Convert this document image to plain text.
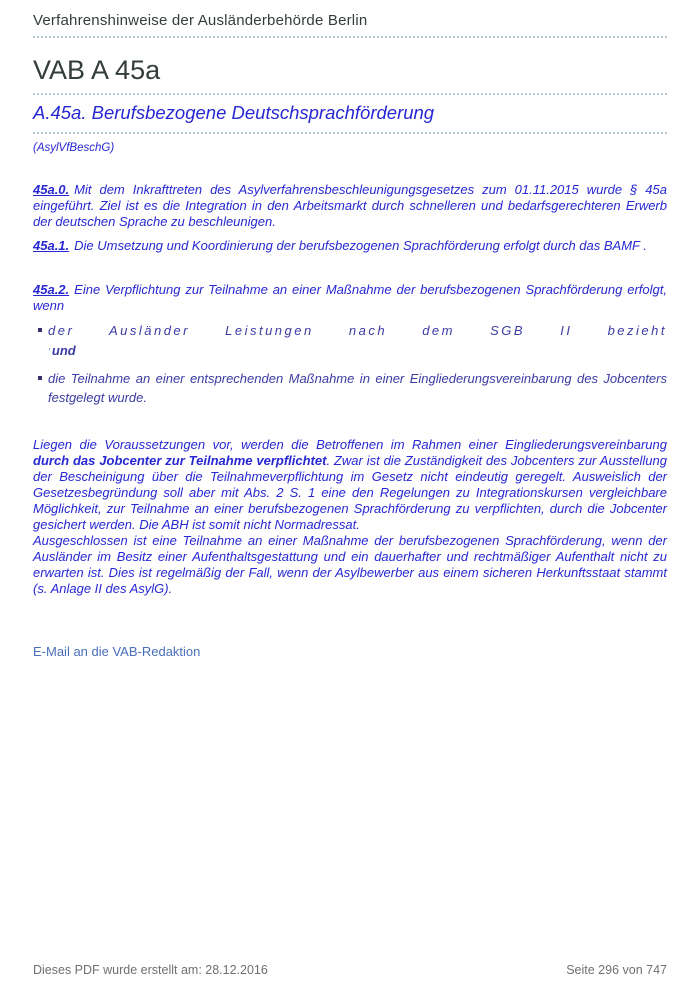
Verfahrenshinweise der Ausländerbehörde Berlin
VAB A 45a
A.45a. Berufsbezogene Deutschsprachförderung
(AsylVfBeschG)
45a.0. Mit dem Inkrafttreten des Asylverfahrensbeschleunigungsgesetzes zum 01.11.2015 wurde § 45a eingeführt. Ziel ist es die Integration in den Arbeitsmarkt durch schnelleren und bedarfsgerechteren Erwerb der deutschen Sprache zu beschleunigen.
45a.1. Die Umsetzung und Koordinierung der berufsbezogenen Sprachförderung erfolgt durch das BAMF .
45a.2. Eine Verpflichtung zur Teilnahme an einer Maßnahme der berufsbezogenen Sprachförderung erfolgt, wenn
der Ausländer Leistungen nach dem SGB II bezieht
' und
die Teilnahme an einer entsprechenden Maßnahme in einer Eingliederungsvereinbarung des Jobcenters festgelegt wurde.
Liegen die Voraussetzungen vor, werden die Betroffenen im Rahmen einer Eingliederungsvereinbarung durch das Jobcenter zur Teilnahme verpflichtet. Zwar ist die Zuständigkeit des Jobcenters zur Ausstellung der Bescheinigung über die Teilnahmeverpflichtung im Gesetz nicht eindeutig geregelt. Ausweislich der Gesetzesbegründung soll aber mit Abs. 2 S. 1 eine den Regelungen zu Integrationskursen vergleichbare Möglichkeit, zur Teilnahme an einer berufsbezogenen Sprachförderung zu verpflichten, durch die Jobcenter gesichert werden. Die ABH ist somit nicht Normadressat.
Ausgeschlossen ist eine Teilnahme an einer Maßnahme der berufsbezogenen Sprachförderung, wenn der Ausländer im Besitz einer Aufenthaltsgestattung und ein dauerhafter und rechtmäßiger Aufenthalt nicht zu erwarten ist. Dies ist regelmäßig der Fall, wenn der Asylbewerber aus einem sicheren Herkunftsstaat stammt (s. Anlage II des AsylG).
E-Mail an die VAB-Redaktion
Dieses PDF wurde erstellt am: 28.12.2016	Seite 296 von 747
